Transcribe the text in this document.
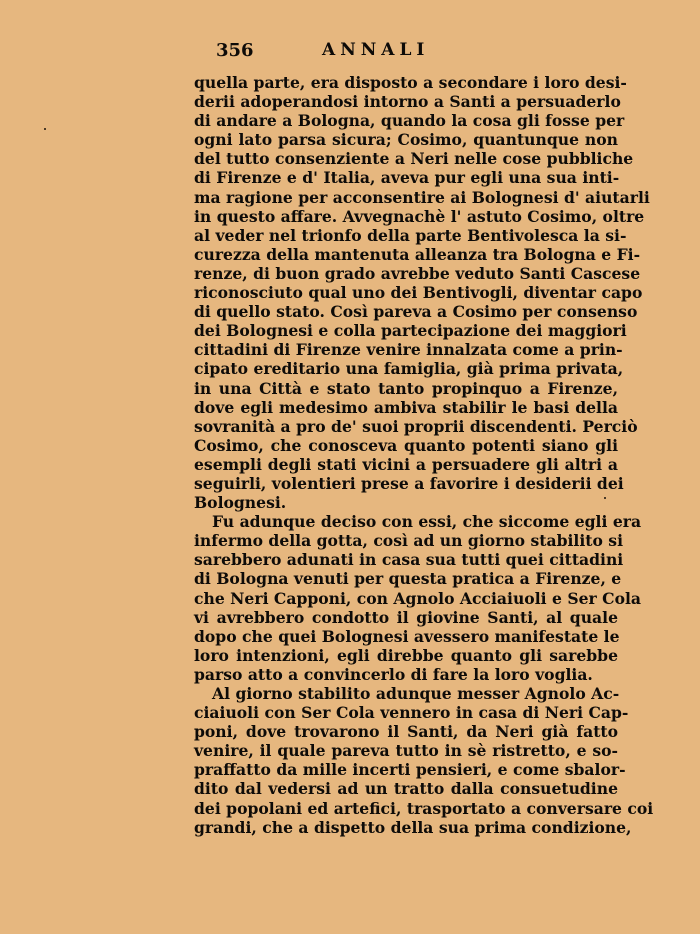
356	ANNALI
quella parte, era disposto a secondare i loro desi-
derii adoperandosi intorno a Santi a persuaderlo
di andare a Bologna, quando la cosa gli fosse per
ogni lato parsa sicura; Cosimo, quantunque non
del tutto consenziente a Neri nelle cose pubbliche
di Firenze e d' Italia, aveva pur egli una sua inti-
ma ragione per acconsentire ai Bolognesi d' aiutarli
in questo affare. Avvegnachè l' astuto Cosimo, oltre
al veder nel trionfo della parte Bentivolesca la si-
curezza della mantenuta alleanza tra Bologna e Fi-
renze, di buon grado avrebbe veduto Santi Cascese
riconosciuto qual uno dei Bentivogli, diventar capo
di quello stato. Così pareva a Cosimo per consenso
dei Bolognesi e colla partecipazione dei maggiori
cittadini di Firenze venire innalzata come a prin-
cipato ereditario una famiglia, già prima privata,
in una Città e stato tanto propinquo a Firenze,
dove egli medesimo ambiva stabilir le basi della
sovranità a pro de' suoi proprii discendenti. Perciò
Cosimo, che conosceva quanto potenti siano gli
esempli degli stati vicini a persuadere gli altri a
seguirli, volentieri prese a favorire i desiderii dei
Bolognesi.
Fu adunque deciso con essi, che siccome egli era
infermo della gotta, così ad un giorno stabilito si
sarebbero adunati in casa sua tutti quei cittadini
di Bologna venuti per questa pratica a Firenze, e
che Neri Capponi, con Agnolo Acciaiuoli e Ser Cola
vi avrebbero condotto il giovine Santi, al quale
dopo che quei Bolognesi avessero manifestate le
loro intenzioni, egli direbbe quanto gli sarebbe
parso atto a convincerlo di fare la loro voglia.
Al giorno stabilito adunque messer Agnolo Ac-
ciaiuoli con Ser Cola vennero in casa di Neri Cap-
poni, dove trovarono il Santi, da Neri già fatto
venire, il quale pareva tutto in sè ristretto, e so-
praffatto da mille incerti pensieri, e come sbalor-
dito dal vedersi ad un tratto dalla consuetudine
dei popolani ed artefici, trasportato a conversare coi
grandi, che a dispetto della sua prima condizione,
